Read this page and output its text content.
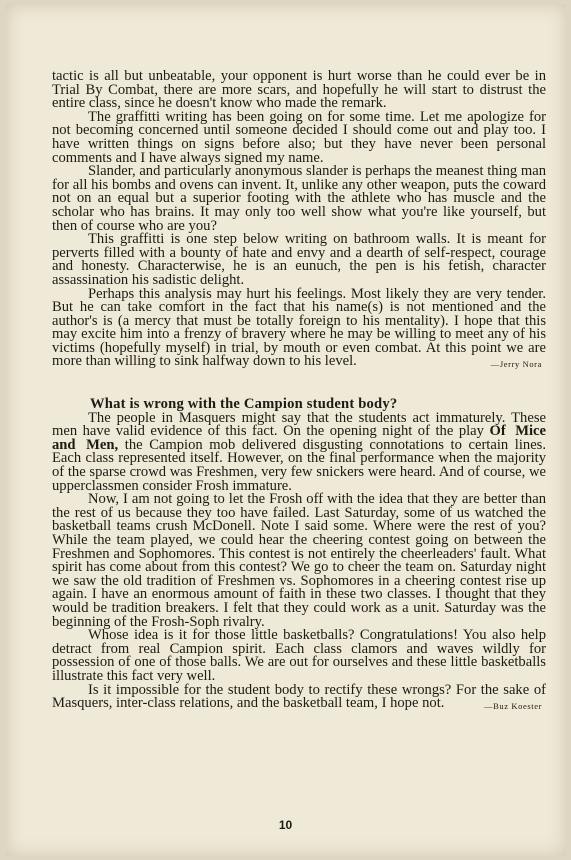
tactic is all but unbeatable, your opponent is hurt worse than he could ever be in Trial By Combat, there are more scars, and hopefully he will start to distrust the entire class, since he doesn't know who made the remark.

The graffitti writing has been going on for some time. Let me apologize for not becoming concerned until someone decided I should come out and play too. I have written things on signs before also; but they have never been personal comments and I have always signed my name.

Slander, and particularly anonymous slander is perhaps the meanest thing man for all his bombs and ovens can invent. It, unlike any other weapon, puts the coward not on an equal but a superior footing with the athlete who has muscle and the scholar who has brains. It may only too well show what you're like yourself, but then of course who are you?

This graffitti is one step below writing on bathroom walls. It is meant for perverts filled with a bounty of hate and envy and a dearth of self-respect, courage and honesty. Characterwise, he is an eunuch, the pen is his fetish, character assassination his sadistic delight.

Perhaps this analysis may hurt his feelings. Most likely they are very tender. But he can take comfort in the fact that his name(s) is not mentioned and the author's is (a mercy that must be totally foreign to his mentality). I hope that this may excite him into a frenzy of bravery where he may be willing to meet any of his victims (hopefully myself) in trial, by mouth or even combat. At this point we are more than willing to sink halfway down to his level.	—Jerry Nora
What is wrong with the Campion student body?

The people in Masquers might say that the students act immaturely. These men have valid evidence of this fact. On the opening night of the play Of Mice and Men, the Campion mob delivered disgusting connotations to certain lines. Each class represented itself. However, on the final performance when the majority of the sparse crowd was Freshmen, very few snickers were heard. And of course, we upperclassmen consider Frosh immature.

Now, I am not going to let the Frosh off with the idea that they are better than the rest of us because they too have failed. Last Saturday, some of us watched the basketball teams crush McDonell. Note I said some. Where were the rest of you? While the team played, we could hear the cheering contest going on between the Freshmen and Sophomores. This contest is not entirely the cheerleaders' fault. What spirit has come about from this contest? We go to cheer the team on. Saturday night we saw the old tradition of Freshmen vs. Sophomores in a cheering contest rise up again. I have an enormous amount of faith in these two classes. I thought that they would be tradition breakers. I felt that they could work as a unit. Saturday was the beginning of the Frosh-Soph rivalry.

Whose idea is it for those little basketballs? Congratulations! You also help detract from real Campion spirit. Each class clamors and waves wildly for possession of one of those balls. We are out for ourselves and these little basketballs illustrate this fact very well.

Is it impossible for the student body to rectify these wrongs? For the sake of Masquers, inter-class relations, and the basketball team, I hope not.	—Buz Koester
10
